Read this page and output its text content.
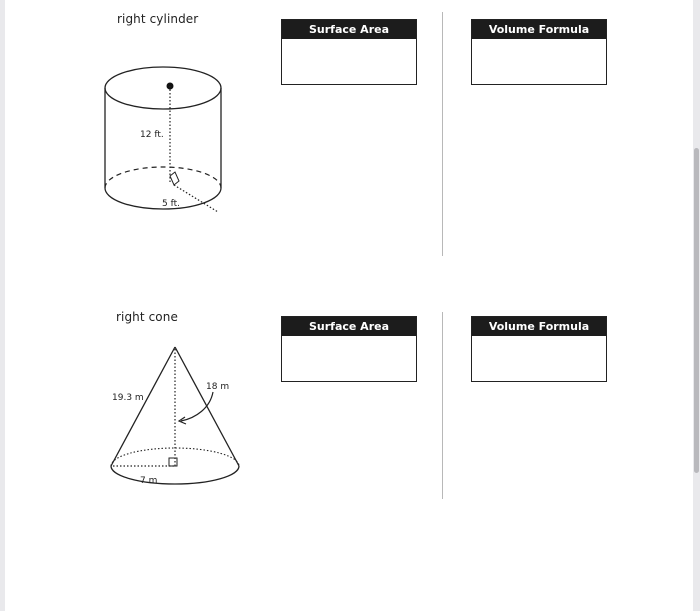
right cylinder
12 ft.
5 ft.
Surface Area Formula
Volume Formula
right cone
19.3 m
18 m
7 m
Surface Area Formula
Volume Formula
